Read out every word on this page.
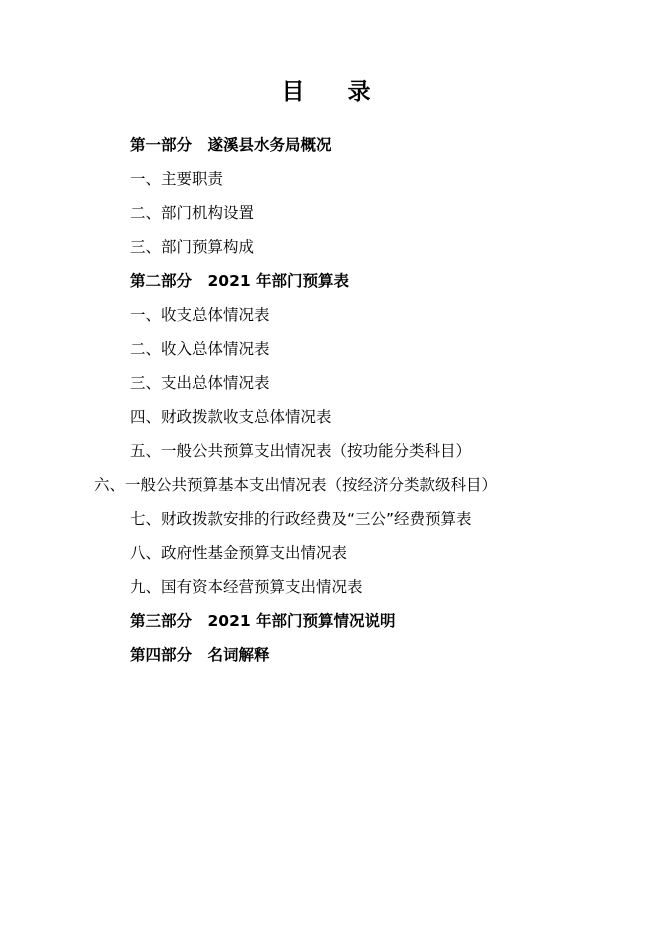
目　录
第一部分　遂溪县水务局概况
一、主要职责
二、部门机构设置
三、部门预算构成
第二部分　2021 年部门预算表
一、收支总体情况表
二、收入总体情况表
三、支出总体情况表
四、财政拨款收支总体情况表
五、一般公共预算支出情况表（按功能分类科目）
六、一般公共预算基本支出情况表（按经济分类款级科目）
七、财政拨款安排的行政经费及“三公”经费预算表
八、政府性基金预算支出情况表
九、国有资本经营预算支出情况表
第三部分　2021 年部门预算情况说明
第四部分　名词解释
